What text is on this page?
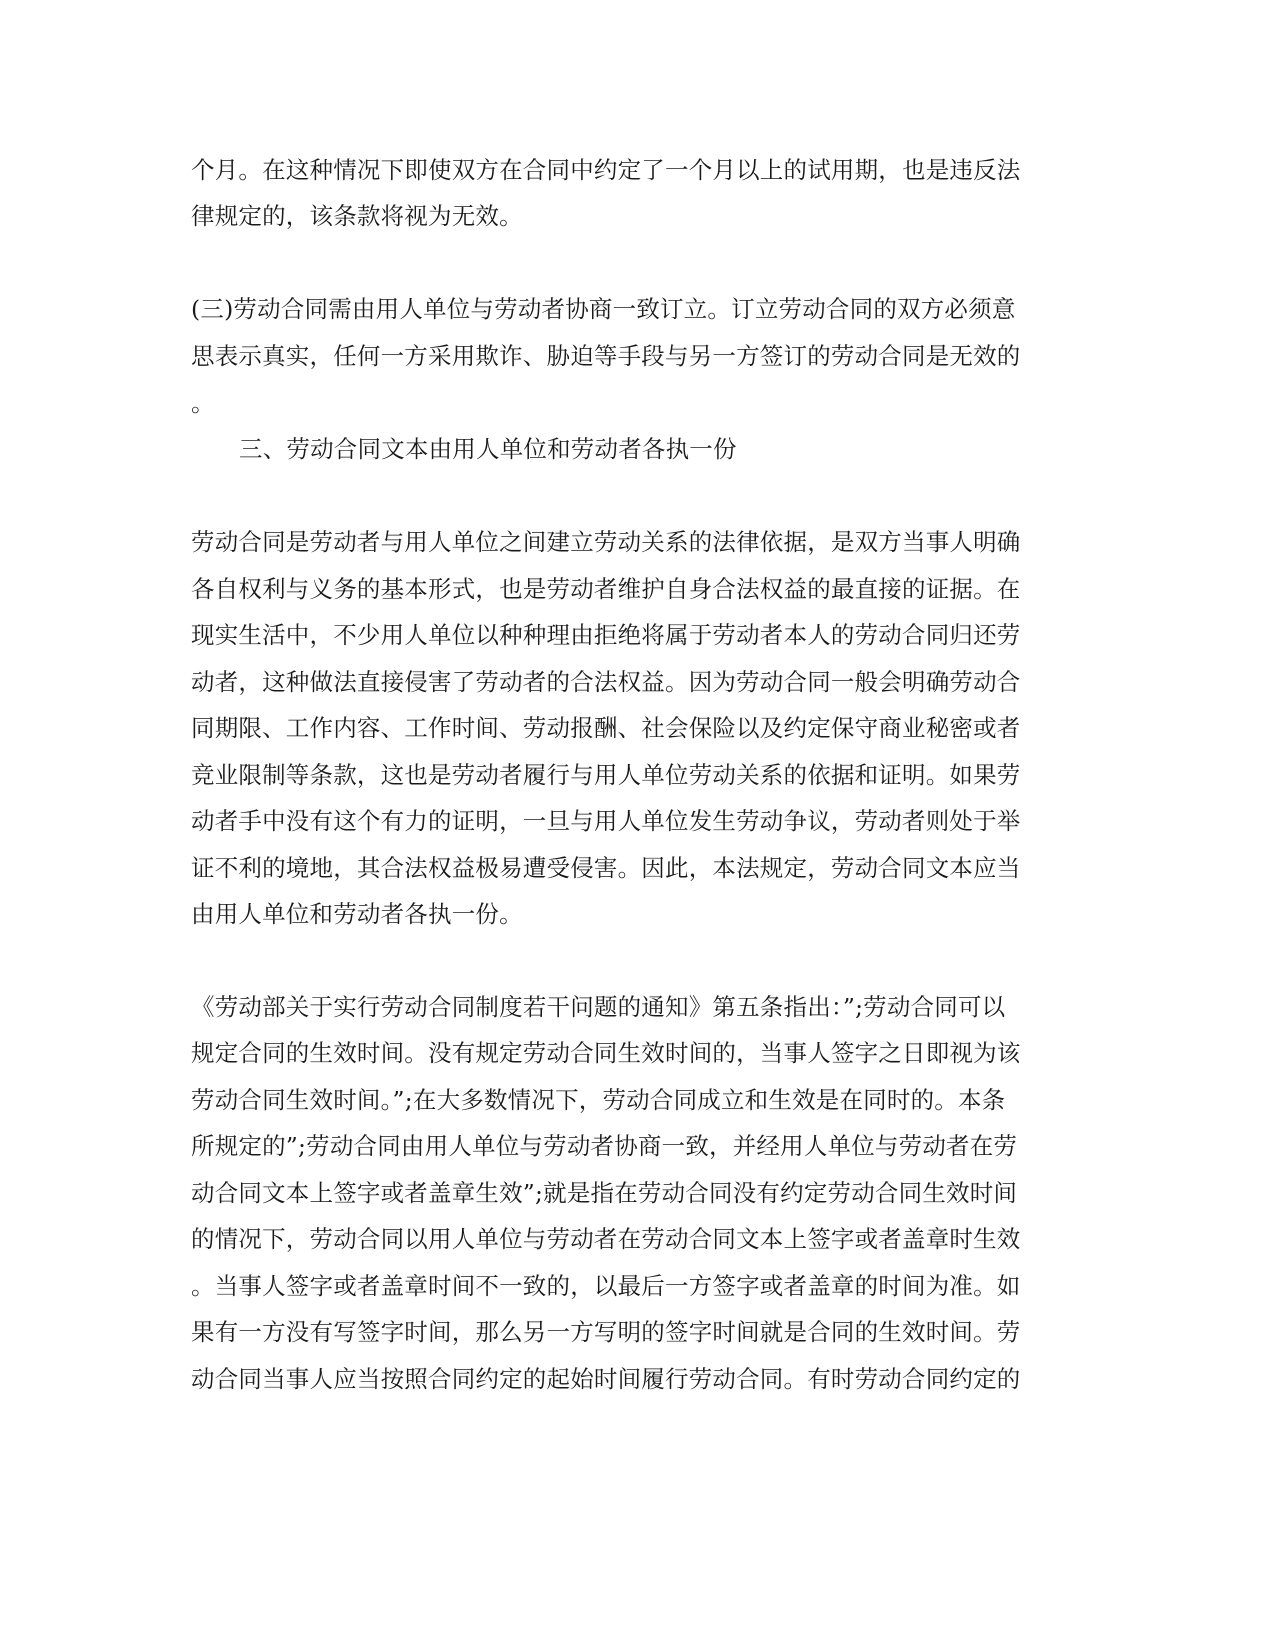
个月。在这种情况下即使双方在合同中约定了一个月以上的试用期，也是违反法
律规定的，该条款将视为无效。
(三)劳动合同需由用人单位与劳动者协商一致订立。订立劳动合同的双方必须意
思表示真实，任何一方采用欺诈、胁迫等手段与另一方签订的劳动合同是无效的
。
三、劳动合同文本由用人单位和劳动者各执一份
劳动合同是劳动者与用人单位之间建立劳动关系的法律依据，是双方当事人明确
各自权利与义务的基本形式，也是劳动者维护自身合法权益的最直接的证据。在
现实生活中，不少用人单位以种种理由拒绝将属于劳动者本人的劳动合同归还劳
动者，这种做法直接侵害了劳动者的合法权益。因为劳动合同一般会明确劳动合
同期限、工作内容、工作时间、劳动报酬、社会保险以及约定保守商业秘密或者
竞业限制等条款，这也是劳动者履行与用人单位劳动关系的依据和证明。如果劳
动者手中没有这个有力的证明，一旦与用人单位发生劳动争议，劳动者则处于举
证不利的境地，其合法权益极易遭受侵害。因此，本法规定，劳动合同文本应当
由用人单位和劳动者各执一份。
《劳动部关于实行劳动合同制度若干问题的通知》第五条指出：”;劳动合同可以
规定合同的生效时间。没有规定劳动合同生效时间的，当事人签字之日即视为该
劳动合同生效时间。”;在大多数情况下，劳动合同成立和生效是在同时的。本条
所规定的”;劳动合同由用人单位与劳动者协商一致，并经用人单位与劳动者在劳
动合同文本上签字或者盖章生效”;就是指在劳动合同没有约定劳动合同生效时间
的情况下，劳动合同以用人单位与劳动者在劳动合同文本上签字或者盖章时生效
。当事人签字或者盖章时间不一致的，以最后一方签字或者盖章的时间为准。如
果有一方没有写签字时间，那么另一方写明的签字时间就是合同的生效时间。劳
动合同当事人应当按照合同约定的起始时间履行劳动合同。有时劳动合同约定的
